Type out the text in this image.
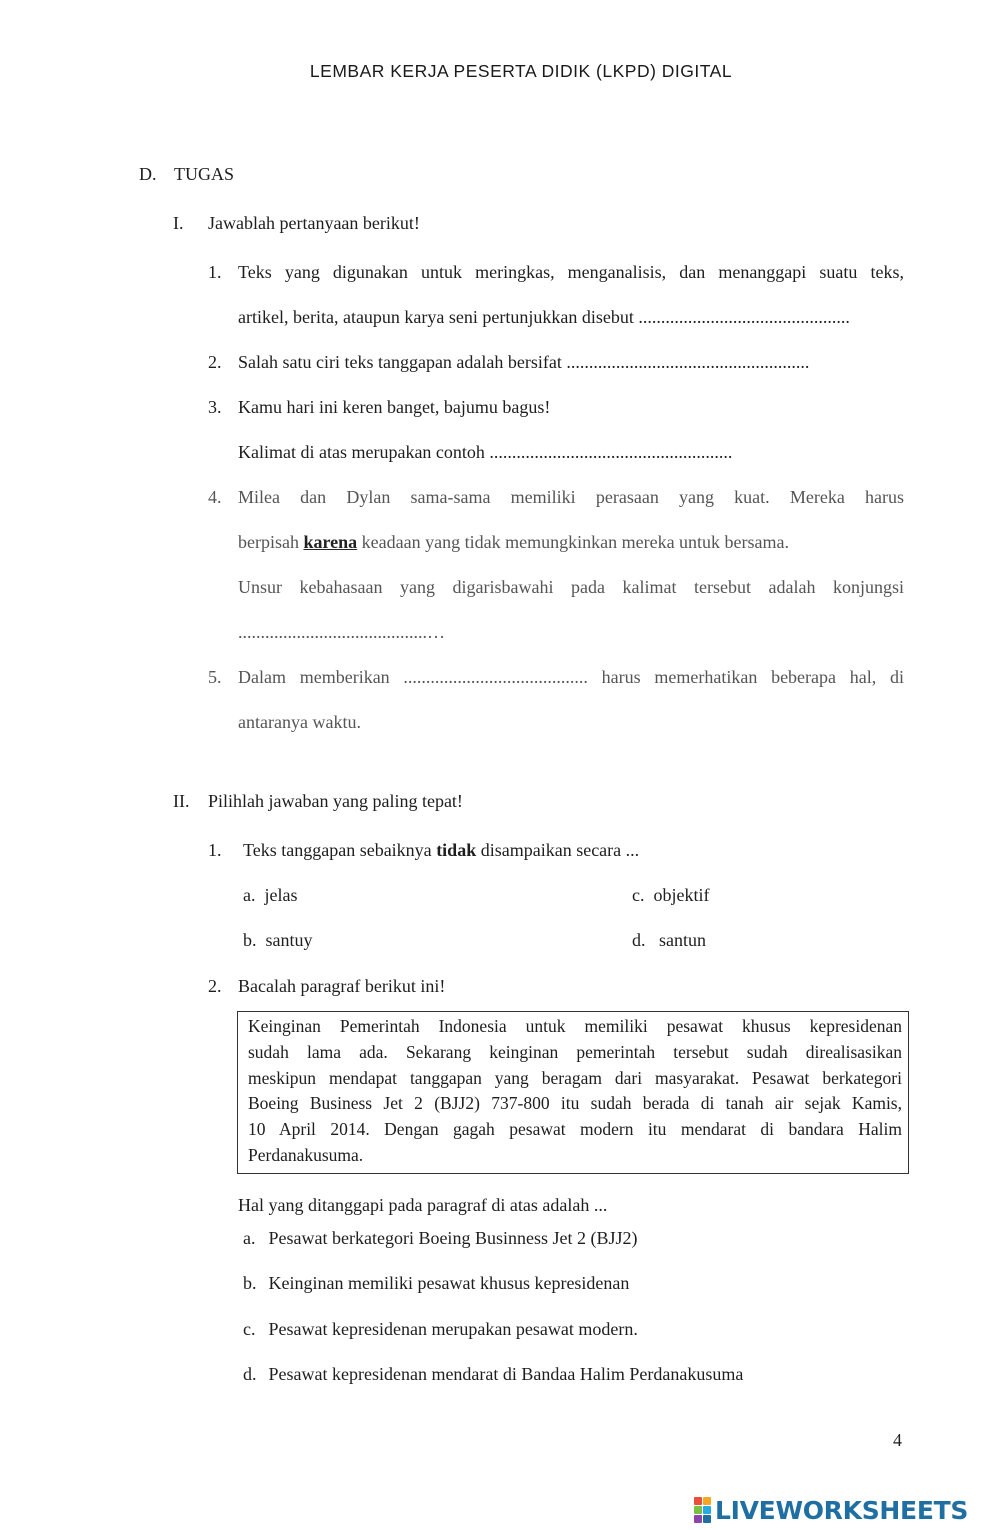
LEMBAR KERJA PESERTA DIDIK (LKPD) DIGITAL
D. TUGAS
I. Jawablah pertanyaan berikut!
1. Teks yang digunakan untuk meringkas, menganalisis, dan menanggapi suatu teks,
artikel, berita, ataupun karya seni pertunjukkan disebut ...............................................
2. Salah satu ciri teks tanggapan adalah bersifat ......................................................
3. Kamu hari ini keren banget, bajumu bagus!
Kalimat di atas merupakan contoh ......................................................
4. Milea dan Dylan sama-sama memiliki perasaan yang kuat. Mereka harus
berpisah karena keadaan yang tidak memungkinkan mereka untuk bersama.
Unsur kebahasaan yang digarisbawahi pada kalimat tersebut adalah konjungsi
..........................................…
5. Dalam memberikan ......................................... harus memerhatikan beberapa hal, di
antaranya waktu.
II. Pilihlah jawaban yang paling tepat!
1. Teks tanggapan sebaiknya tidak disampaikan secara ...
a. jelas
b. santuy
c. objektif
d. santun
2. Bacalah paragraf berikut ini!
Keinginan Pemerintah Indonesia untuk memiliki pesawat khusus kepresidenan
sudah lama ada. Sekarang keinginan pemerintah tersebut sudah direalisasikan
meskipun mendapat tanggapan yang beragam dari masyarakat. Pesawat berkategori
Boeing Business Jet 2 (BJJ2) 737-800 itu sudah berada di tanah air sejak Kamis,
10 April 2014. Dengan gagah pesawat modern itu mendarat di bandara Halim
Perdanakusuma.
Hal yang ditanggapi pada paragraf di atas adalah ...
a. Pesawat berkategori Boeing Businness Jet 2 (BJJ2)
b. Keinginan memiliki pesawat khusus kepresidenan
c. Pesawat kepresidenan merupakan pesawat modern.
d. Pesawat kepresidenan mendarat di Bandaa Halim Perdanakusuma
4
LIVEWORKSHEETS
